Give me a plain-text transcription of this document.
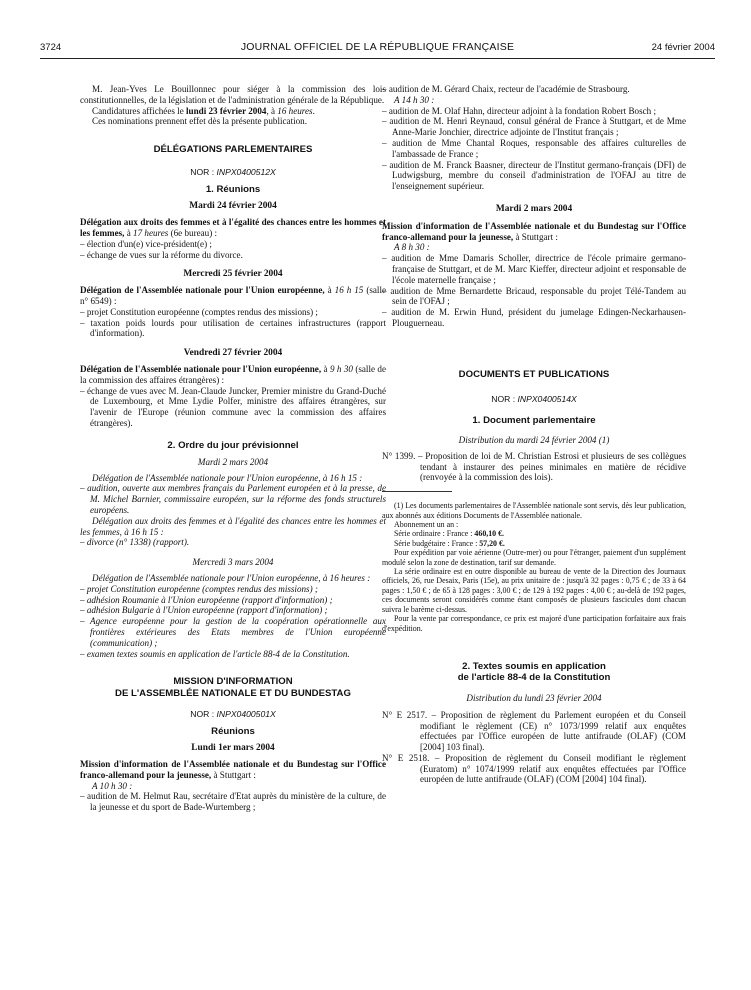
3724	JOURNAL OFFICIEL DE LA RÉPUBLIQUE FRANÇAISE	24 février 2004

M. Jean-Yves Le Bouillonnec pour siéger à la commission des lois constitutionnelles, de la législation et de l'administration générale de la République.

Candidatures affichées le lundi 23 février 2004, à 16 heures.

Ces nominations prennent effet dès la présente publication.

DÉLÉGATIONS PARLEMENTAIRES
NOR : INPX0400512X
1. Réunions
Mardi 24 février 2004

Délégation aux droits des femmes et à l'égalité des chances entre les hommes et les femmes, à 17 heures (6e bureau) :

– élection d'un(e) vice-président(e) ;

– échange de vues sur la réforme du divorce.

Mercredi 25 février 2004

Délégation de l'Assemblée nationale pour l'Union européenne, à 16 h 15 (salle n° 6549) :

– projet Constitution européenne (comptes rendus des missions) ;

– taxation poids lourds pour utilisation de certaines infrastructures (rapport d'information).

Vendredi 27 février 2004

Délégation de l'Assemblée nationale pour l'Union européenne, à 9 h 30 (salle de la commission des affaires étrangères) :

– échange de vues avec M. Jean-Claude Juncker, Premier ministre du Grand-Duché de Luxembourg, et Mme Lydie Polfer, ministre des affaires étrangères, sur l'avenir de l'Europe (réunion commune avec la commission des affaires étrangères).

2. Ordre du jour prévisionnel
Mardi 2 mars 2004

Délégation de l'Assemblée nationale pour l'Union européenne, à 16 h 15 :

– audition, ouverte aux membres français du Parlement européen et à la presse, de M. Michel Barnier, commissaire européen, sur la réforme des fonds structurels européens.

Délégation aux droits des femmes et à l'égalité des chances entre les hommes et les femmes, à 16 h 15 :

– divorce (n° 1338) (rapport).

Mercredi 3 mars 2004

Délégation de l'Assemblée nationale pour l'Union européenne, à 16 heures :

– projet Constitution européenne (comptes rendus des missions) ;

– adhésion Roumanie à l'Union européenne (rapport d'information) ;

– adhésion Bulgarie à l'Union européenne (rapport d'information) ;

– Agence européenne pour la gestion de la coopération opérationnelle aux frontières extérieures des Etats membres de l'Union européenne (communication) ;

– examen textes soumis en application de l'article 88-4 de la Constitution.

MISSION D'INFORMATION
DE L'ASSEMBLÉE NATIONALE ET DU BUNDESTAG
NOR : INPX0400501X
Réunions
Lundi 1er mars 2004

Mission d'information de l'Assemblée nationale et du Bundestag sur l'Office franco-allemand pour la jeunesse, à Stuttgart :

A 10 h 30 :

– audition de M. Helmut Rau, secrétaire d'Etat auprès du ministère de la culture, de la jeunesse et du sport de Bade-Wurtemberg ;

– audition de M. Gérard Chaix, recteur de l'académie de Strasbourg.

A 14 h 30 :

– audition de M. Olaf Hahn, directeur adjoint à la fondation Robert Bosch ;

– audition de M. Henri Reynaud, consul général de France à Stuttgart, et de Mme Anne-Marie Jonchier, directrice adjointe de l'Institut français ;

– audition de Mme Chantal Roques, responsable des affaires culturelles de l'ambassade de France ;

– audition de M. Franck Baasner, directeur de l'Institut germano-français (DFI) de Ludwigsburg, membre du conseil d'administration de l'OFAJ au titre de l'enseignement supérieur.

Mardi 2 mars 2004

Mission d'information de l'Assemblée nationale et du Bundestag sur l'Office franco-allemand pour la jeunesse, à Stuttgart :

A 8 h 30 :

– audition de Mme Damaris Scholler, directrice de l'école primaire germano-française de Stuttgart, et de M. Marc Kieffer, directeur adjoint et responsable de l'école maternelle française ;

– audition de Mme Bernardette Bricaud, responsable du projet Télé-Tandem au sein de l'OFAJ ;

– audition de M. Erwin Hund, président du jumelage Edingen-Neckarhausen-Plouguerneau.

DOCUMENTS ET PUBLICATIONS
NOR : INPX0400514X
1. Document parlementaire
Distribution du mardi 24 février 2004 (1)

N° 1399. – Proposition de loi de M. Christian Estrosi et plusieurs de ses collègues tendant à instaurer des peines minimales en matière de récidive (renvoyée à la commission des lois).

(1) Les documents parlementaires de l'Assemblée nationale sont servis, dès leur publication, aux abonnés aux éditions Documents de l'Assemblée nationale.

Abonnement un an :

Série ordinaire : France : 460,10 €.

Série budgétaire : France : 57,20 €.

Pour expédition par voie aérienne (Outre-mer) ou pour l'étranger, paiement d'un supplément modulé selon la zone de destination, tarif sur demande.

La série ordinaire est en outre disponible au bureau de vente de la Direction des Journaux officiels, 26, rue Desaix, Paris (15e), au prix unitaire de : jusqu'à 32 pages : 0,75 € ; de 33 à 64 pages : 1,50 € ; de 65 à 128 pages : 3,00 € ; de 129 à 192 pages : 4,00 € ; au-delà de 192 pages, ces documents seront considérés comme étant composés de plusieurs fascicules dont chacun suivra le barème ci-dessus.

Pour la vente par correspondance, ce prix est majoré d'une participation forfaitaire aux frais d'expédition.

2. Textes soumis en application
de l'article 88-4 de la Constitution
Distribution du lundi 23 février 2004

N° E 2517. – Proposition de règlement du Parlement européen et du Conseil modifiant le règlement (CE) n° 1073/1999 relatif aux enquêtes effectuées par l'Office européen de lutte antifraude (OLAF) (COM [2004] 103 final).

N° E 2518. – Proposition de règlement du Conseil modifiant le règlement (Euratom) n° 1074/1999 relatif aux enquêtes effectuées par l'Office européen de lutte antifraude (OLAF) (COM [2004] 104 final).
